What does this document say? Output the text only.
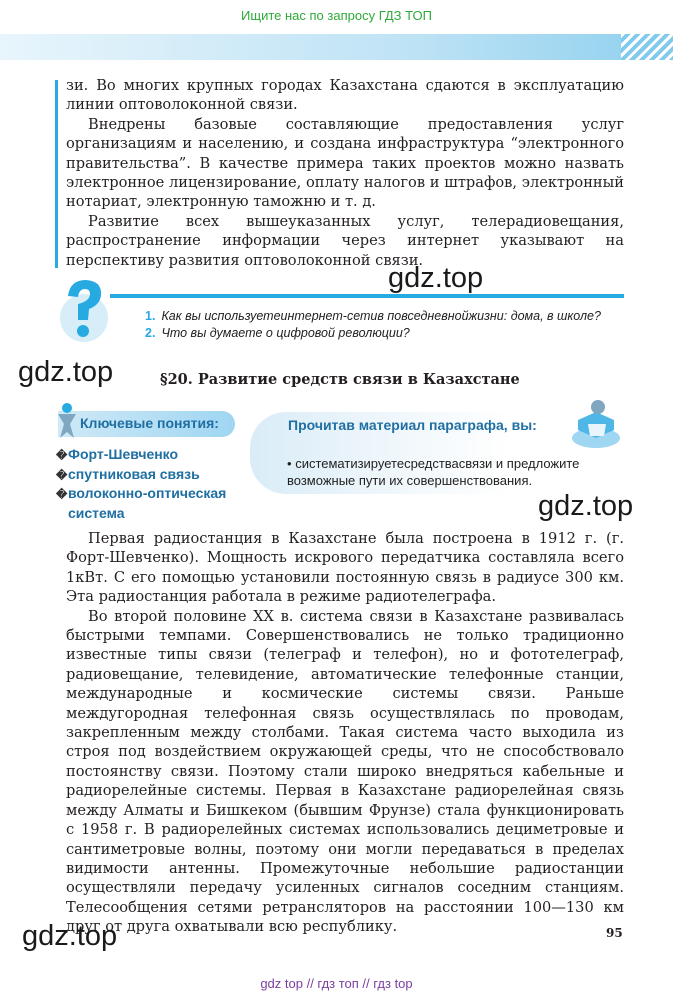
Ищите нас по запросу ГДЗ ТОП

зи. Во многих крупных городах Казахстана сдаются в эксплуатацию линии оптоволоконной связи.

Внедрены базовые составляющие предоставления услуг организациям и населению, и создана инфраструктура “электронного правительства”. В качестве примера таких проектов можно назвать электронное лицензирование, оплату налогов и штрафов, электронный нотариат, электронную таможню и т. д.

Развитие всех вышеуказанных услуг, телерадиовещания, распространение информации через интернет указывают на перспективу развития оптоволоконной связи.

gdz.top
1. Как вы используетеинтернет-сетив повседневнойжизни: дома, в школе?
2. Что вы думаете о цифровой революции?
gdz.top	§20. Развитие средств связи в Казахстане
Ключевые понятия:
�Форт-Шевченко
�спутниковая связь
�волоконно-оптическая
система
Прочитав материал параграфа, вы:
• систематизируетесредствасвязи и предложите возможные пути их совершенствования.
gdz.top

Первая радиостанция в Казахстане была построена в 1912 г. (г. Форт-Шевченко). Мощность искрового передатчика составляла всего 1кВт. С его помощью установили постоянную связь в радиусе 300 км. Эта радиостанция работала в режиме радиотелеграфа.

Во второй половине XX в. система связи в Казахстане развивалась быстрыми темпами. Совершенствовались не только традиционно известные типы связи (телеграф и телефон), но и фототелеграф, радиовещание, телевидение, автоматические телефонные станции, международные и космические системы связи. Раньше междугородная телефонная связь осуществлялась по проводам, закрепленным между столбами. Такая система часто выходила из строя под воздействием окружающей среды, что не способствовало постоянству связи. Поэтому стали широко внедряться кабельные и радиорелейные системы. Первая в Казахстане радиорелейная связь между Алматы и Бишкеком (бывшим Фрунзе) стала функционировать с 1958 г. В радиорелейных системах использовались дециметровые и сантиметровые волны, поэтому они могли передаваться в пределах видимости антенны. Промежуточные небольшие радиостанции осуществляли передачу усиленных сигналов соседним станциям. Телесообщения сетями ретрансляторов на расстоянии 100—130 км друг от друга охватывали всю республику.

gdz.top	95
gdz top // гдз топ // гдз top
